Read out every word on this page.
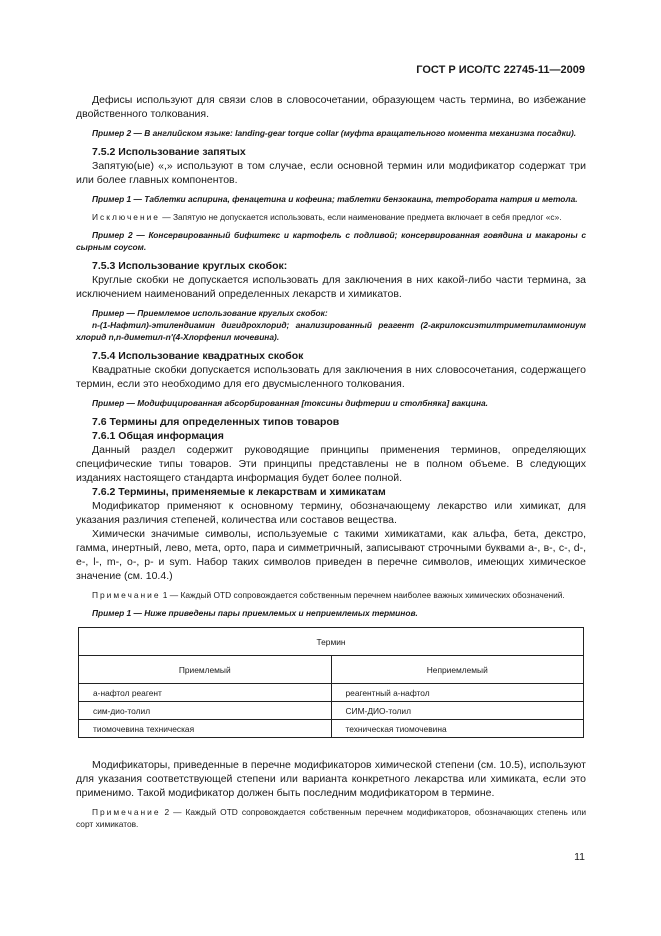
ГОСТ Р ИСО/ТС 22745-11—2009
Дефисы используют для связи слов в словосочетании, образующем часть термина, во избежание двойственного толкования.
Пример 2 — В английском языке: landing-gear torque collar (муфта вращательного момента механизма посадки).
7.5.2 Использование запятых
Запятую(ые) «,» используют в том случае, если основной термин или модификатор содержат три или более главных компонентов.
Пример 1 — Таблетки аспирина, фенацетина и кофеина; таблетки бензокаина, тетробората натрия и метола.
Исключение — Запятую не допускается использовать, если наименование предмета включает в себя предлог «с».
Пример 2 — Консервированный бифштекс и картофель с подливой; консервированная говядина и макароны с сырным соусом.
7.5.3 Использование круглых скобок:
Круглые скобки не допускается использовать для заключения в них какой-либо части термина, за исключением наименований определенных лекарств и химикатов.
Пример — Приемлемое использование круглых скобок:
n-(1-Нафтил)-этилендиамин дигидрохлорид; анализированный реагент (2-акрилоксиэтилтриметиламмониум хлорид n,n-диметил-n'(4-Хлорфенил мочевина).
7.5.4 Использование квадратных скобок
Квадратные скобки допускается использовать для заключения в них словосочетания, содержащего термин, если это необходимо для его двусмысленного толкования.
Пример — Модифицированная абсорбированная [токсины дифтерии и столбняка] вакцина.
7.6 Термины для определенных типов товаров
7.6.1 Общая информация
Данный раздел содержит руководящие принципы применения терминов, определяющих специфические типы товаров. Эти принципы представлены не в полном объеме. В следующих изданиях настоящего стандарта информация будет более полной.
7.6.2 Термины, применяемые к лекарствам и химикатам
Модификатор применяют к основному термину, обозначающему лекарство или химикат, для указания различия степеней, количества или составов вещества.
Химически значимые символы, используемые с такими химикатами, как альфа, бета, декстро, гамма, инертный, лево, мета, орто, пара и симметричный, записывают строчными буквами а-, в-, с-, d-, е-, l-, m-, о-, р- и sym. Набор таких символов приведен в перечне символов, имеющих химическое значение (см. 10.4.)
Примечание 1 — Каждый OTD сопровождается собственным перечнем наиболее важных химических обозначений.
Пример 1 — Ниже приведены пары приемлемых и неприемлемых терминов.
Термин	
Приемлемый	Неприемлемый
a-нафтол реагент	реагентный a-нафтол
сим-дио-толил	СИМ-ДИО-толил
тиомочевина техническая	техническая тиомочевина
Модификаторы, приведенные в перечне модификаторов химической степени (см. 10.5), используют для указания соответствующей степени или варианта конкретного лекарства или химиката, если это применимо. Такой модификатор должен быть последним модификатором в термине.
Примечание 2 — Каждый OTD сопровождается собственным перечнем модификаторов, обозначающих степень или сорт химикатов.
11
